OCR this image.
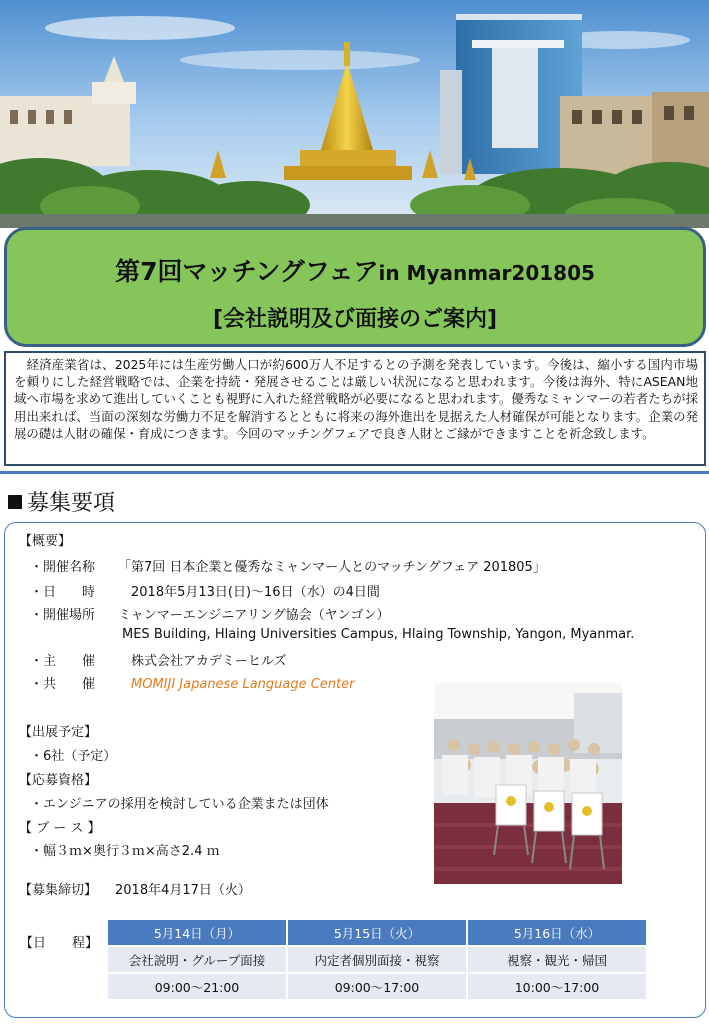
第7回マッチングフェアin Myanmar201805
[会社説明及び面接のご案内]
　経済産業省は、2025年には生産労働人口が約600万人不足するとの予測を発表しています。今後は、縮小する国内市場を頼りにした経営戦略では、企業を持続・発展させることは厳しい状況になると思われます。今後は海外、特にASEAN地域へ市場を求めて進出していくことも視野に入れた経営戦略が必要になると思われます。優秀なミャンマーの若者たちが採用出来れば、当面の深刻な労働力不足を解消するとともに将来の海外進出を見据えた人材確保が可能となります。企業の発展の礎は人財の確保・育成につきます。今回のマッチングフェアで良き人財とご縁ができますことを祈念致します。
募集要項
【概要】
・開催名称 「第7回 日本企業と優秀なミャンマー人とのマッチングフェア 201805」
・日　　時	2018年5月13日(日)～16日（水）の4日間
・開催場所 ミャンマーエンジニアリング協会（ヤンゴン）
MES Building, Hlaing Universities Campus, Hlaing Township, Yangon, Myanmar.
・主　　催	株式会社アカデミーヒルズ
・共　　催	MOMIJI Japanese Language Center
【出展予定】
・6社（予定）
【応募資格】
・エンジニアの採用を検討している企業または団体
【 ブ ー ス 】
・幅３ｍ×奥行３ｍ×高さ2.4 ｍ
【募集締切】 2018年4月17日（火）
【日　　程】
5月14日（月）	5月15日（火）	5月16日（水）
会社説明・グループ面接	内定者個別面接・視察	視察・観光・帰国
09:00～21:00	09:00～17:00	10:00～17:00
